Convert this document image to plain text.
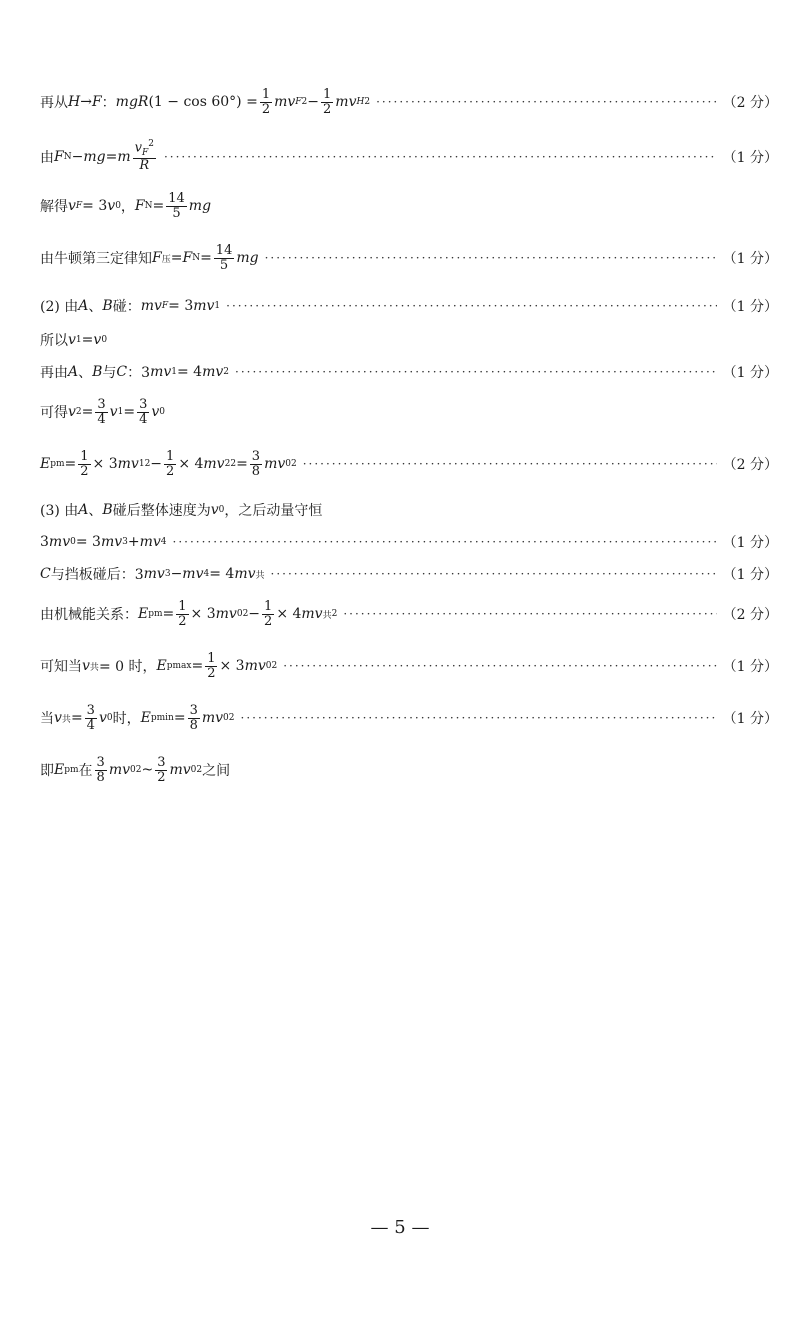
再从 H → F ： mgR $(1 - \cos 60^\circ) = \frac{1}{2}$ mv F $2 - \frac{1}{2}$ mv H 2 ·····	（2 分）
由 F N − mg = m $\frac{v_F^2}{R}$ ·····	（1 分）
解得 v F = 3 v 0 ， F $N = \frac{14}{5}$ mg
由牛顿第三定律知 F 压 = F $N = \frac{14}{5}$ mg ·····	（1 分）
(2) 由 A 、 B 碰： mv F = 3 mv 1 ·····	（1 分）
所以 v 1 = v 0
再由 A 、 B 与 C ：3 mv 1 = 4 mv 2 ·····	（1 分）
可得 v $2 = \frac{3}{4}$ v $1 = \frac{3}{4}$ v 0
E pm = $\frac{1}{2} \times 3$ mv 1 $2 - \frac{1}{2} \times 4$ mv 2 $2 = \frac{3}{8}$ mv 0 2 ·····	（2 分）
(3) 由 A 、 B 碰后整体速度为 v 0 ，之后动量守恒
3 mv 0 = 3 mv 3 + mv 4 ·····	（1 分）
C 与挡板碰后：3 mv 3 − mv 4 = 4 mv 共 ·····	（1 分）
由机械能关系： E pm = $\frac{1}{2} \times 3$ mv 0 $2 - \frac{1}{2} \times 4$ mv 共 2 ·····	（2 分）
可知当 v 共 = 0 时， E $pmax = \frac{1}{2} \times 3$ mv 0 2 ·····	（1 分）
当 v 共 = $\frac{3}{4}$ v 0 时， E $pmin = \frac{3}{8}$ mv 0 2 ·····	（1 分）
即 E pm 在 $\frac{3}{8}$ mv 0 2 ~ $\frac{3}{2}$ mv 0 2 之间
— 5 —
